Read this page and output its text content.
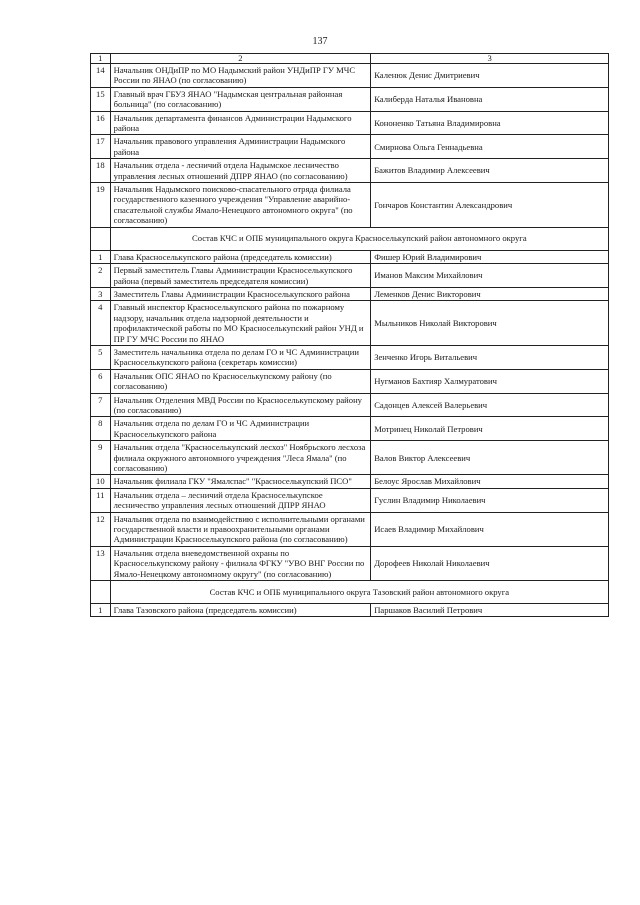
137
1	2	3
14	Начальник ОНДиПР по МО Надымский район УНДиПР ГУ МЧС России по ЯНАО (по согласованию)	Каленюк Денис Дмитриевич
15	Главный врач ГБУЗ ЯНАО "Надымская центральная районная больница" (по согласованию)	Калиберда Наталья Ивановна
16	Начальник департамента финансов Администрации Надымского района	Кононенко Татьяна Владимировна
17	Начальник правового управления Администрации Надымского района	Смирнова Ольга Геннадьевна
18	Начальник отдела - лесничий отдела Надымское лесничество управления лесных отношений ДПРР ЯНАО (по согласованию)	Бажитов Владимир Алексеевич
19	Начальник Надымского поисково-спасательного отряда филиала государственного казенного учреждения "Управление аварийно-спасательной службы Ямало-Ненецкого автономного округа" (по согласованию)	Гончаров Константин Александрович
	Состав КЧС и ОПБ муниципального округа Красноселькупский район автономного округа	
1	Глава Красноселькупского района (председатель комиссии)	Фишер Юрий Владимирович
2	Первый заместитель Главы Администрации Красноселькупского района (первый заместитель председателя комиссии)	Иманов Максим Михайлович
3	Заместитель Главы Администрации Красноселькупского района	Леменков Денис Викторович
4	Главный инспектор Красноселькупского района по пожарному надзору, начальник отдела надзорной деятельности и профилактической работы по МО Красноселькупский район УНД и ПР ГУ МЧС России по ЯНАО	Мыльников Николай Викторович
5	Заместитель начальника отдела по делам ГО и ЧС Администрации Красноселькупского района (секретарь комиссии)	Зенченко Игорь Витальевич
6	Начальник ОПС ЯНАО по Красноселькупскому району (по согласованию)	Нугманов Бахтияр Халмуратович
7	Начальник Отделения МВД России по Красноселькупскому району (по согласованию)	Садонцев Алексей Валерьевич
8	Начальник отдела по делам ГО и ЧС Администрации Красноселькупского района	Мотринец Николай Петрович
9	Начальник отдела "Красноселькупский лесхоз" Ноябрьского лесхоза филиала окружного автономного учреждения "Леса Ямала" (по согласованию)	Валов Виктор Алексеевич
10	Начальник филиала ГКУ "Ямалспас" "Красноселькупский ПСО"	Белоус Ярослав Михайлович
11	Начальник отдела – лесничий отдела Красноселькупское лесничество управления лесных отношений ДПРР ЯНАО	Гуслин Владимир Николаевич
12	Начальник отдела по взаимодействию с исполнительными органами государственной власти и правоохранительными органами Администрации Красноселькупского района (по согласованию)	Исаев Владимир Михайлович
13	Начальник отдела вневедомственной охраны по Красноселькупскому району - филиала ФГКУ "УВО ВНГ России по Ямало-Ненецкому автономному округу" (по согласованию)	Дорофеев Николай Николаевич
	Состав КЧС и ОПБ муниципального округа Тазовский район автономного округа	
1	Глава Тазовского района (председатель комиссии)	Паршаков Василий Петрович
